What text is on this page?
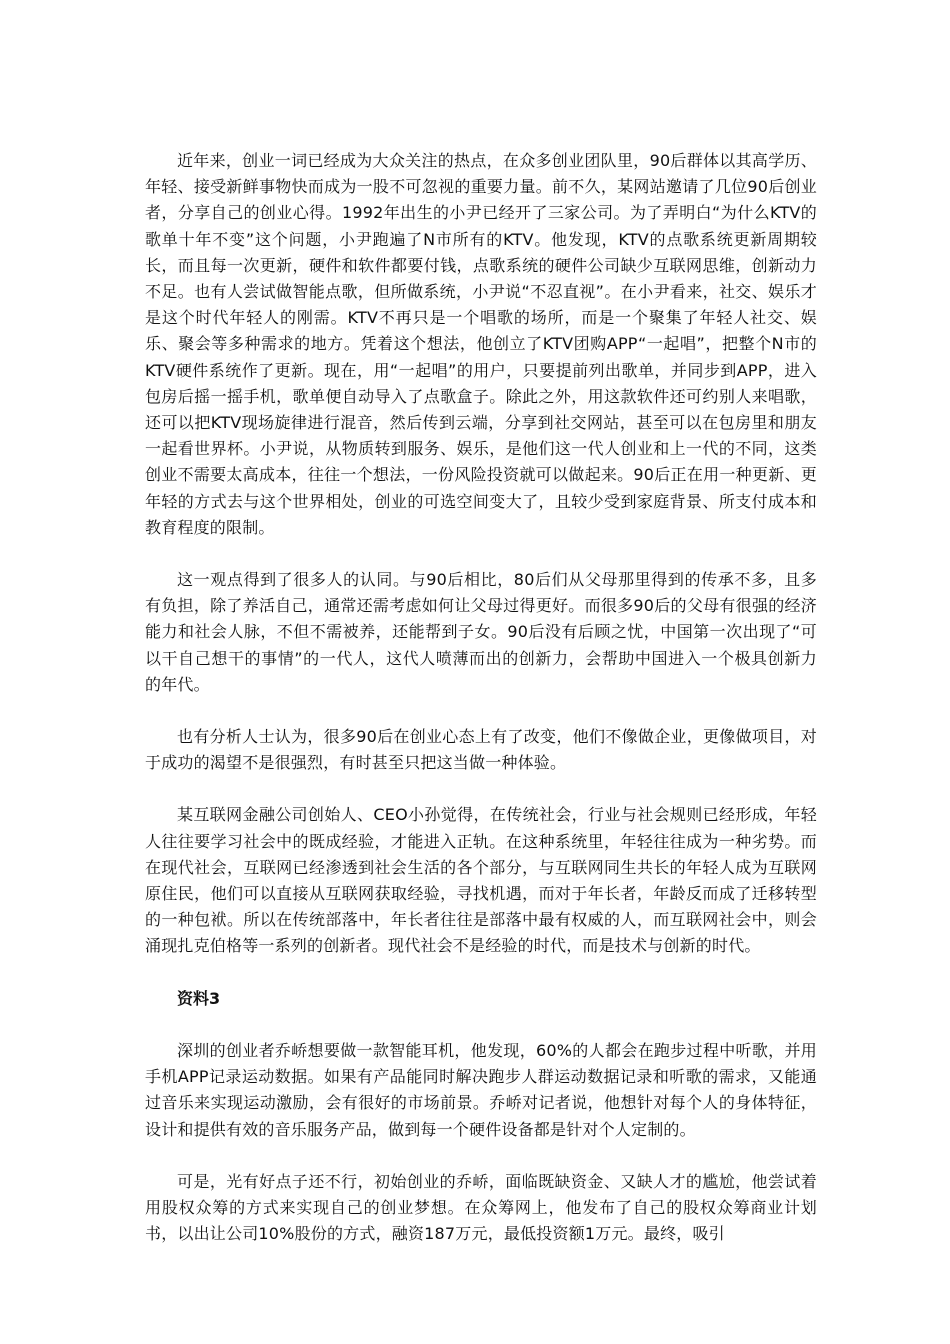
近年来，创业一词已经成为大众关注的热点，在众多创业团队里，90后群体以其高学历、年轻、接受新鲜事物快而成为一股不可忽视的重要力量。前不久，某网站邀请了几位90后创业者，分享自己的创业心得。1992年出生的小尹已经开了三家公司。为了弄明白“为什么KTV的歌单十年不变”这个问题，小尹跑遍了N市所有的KTV。他发现，KTV的点歌系统更新周期较长，而且每一次更新，硬件和软件都要付钱，点歌系统的硬件公司缺少互联网思维，创新动力不足。也有人尝试做智能点歌，但所做系统，小尹说“不忍直视”。在小尹看来，社交、娱乐才是这个时代年轻人的刚需。KTV不再只是一个唱歌的场所，而是一个聚集了年轻人社交、娱乐、聚会等多种需求的地方。凭着这个想法，他创立了KTV团购APP“一起唱”，把整个N市的KTV硬件系统作了更新。现在，用“一起唱”的用户，只要提前列出歌单，并同步到APP，进入包房后摇一摇手机，歌单便自动导入了点歌盒子。除此之外，用这款软件还可约别人来唱歌，还可以把KTV现场旋律进行混音，然后传到云端，分享到社交网站，甚至可以在包房里和朋友一起看世界杯。小尹说，从物质转到服务、娱乐，是他们这一代人创业和上一代的不同，这类创业不需要太高成本，往往一个想法，一份风险投资就可以做起来。90后正在用一种更新、更年轻的方式去与这个世界相处，创业的可选空间变大了，且较少受到家庭背景、所支付成本和教育程度的限制。

这一观点得到了很多人的认同。与90后相比，80后们从父母那里得到的传承不多，且多有负担，除了养活自己，通常还需考虑如何让父母过得更好。而很多90后的父母有很强的经济能力和社会人脉，不但不需被养，还能帮到子女。90后没有后顾之忧，中国第一次出现了“可以干自己想干的事情”的一代人，这代人喷薄而出的创新力，会帮助中国进入一个极具创新力的年代。

也有分析人士认为，很多90后在创业心态上有了改变，他们不像做企业，更像做项目，对于成功的渴望不是很强烈，有时甚至只把这当做一种体验。

某互联网金融公司创始人、CEO小孙觉得，在传统社会，行业与社会规则已经形成，年轻人往往要学习社会中的既成经验，才能进入正轨。在这种系统里，年轻往往成为一种劣势。而在现代社会，互联网已经渗透到社会生活的各个部分，与互联网同生共长的年轻人成为互联网原住民，他们可以直接从互联网获取经验，寻找机遇，而对于年长者，年龄反而成了迁移转型的一种包袱。所以在传统部落中，年长者往往是部落中最有权威的人，而互联网社会中，则会涌现扎克伯格等一系列的创新者。现代社会不是经验的时代，而是技术与创新的时代。

资料3

深圳的创业者乔峤想要做一款智能耳机，他发现，60%的人都会在跑步过程中听歌，并用手机APP记录运动数据。如果有产品能同时解决跑步人群运动数据记录和听歌的需求，又能通过音乐来实现运动激励，会有很好的市场前景。乔峤对记者说，他想针对每个人的身体特征，设计和提供有效的音乐服务产品，做到每一个硬件设备都是针对个人定制的。

可是，光有好点子还不行，初始创业的乔峤，面临既缺资金、又缺人才的尴尬，他尝试着用股权众筹的方式来实现自己的创业梦想。在众筹网上，他发布了自己的股权众筹商业计划书，以出让公司10%股份的方式，融资187万元，最低投资额1万元。最终，吸引
